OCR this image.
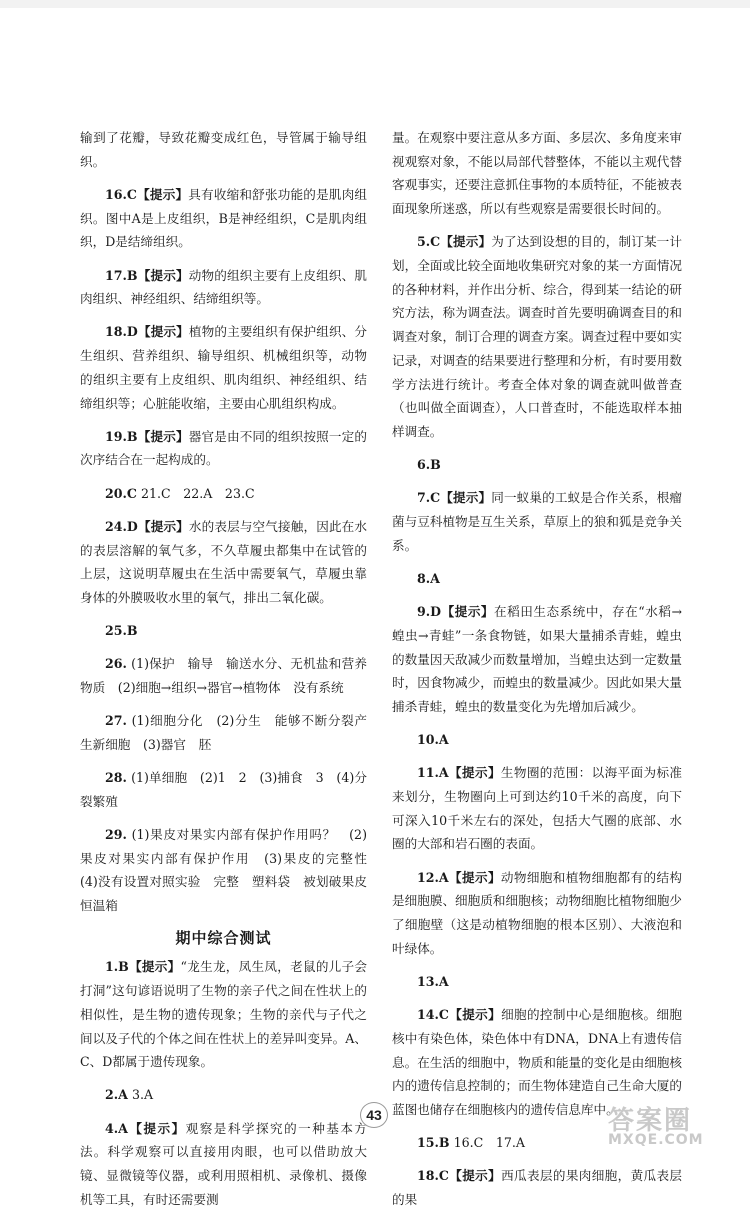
输到了花瓣，导致花瓣变成红色，导管属于输导组织。
16.C【提示】具有收缩和舒张功能的是肌肉组织。图中A是上皮组织，B是神经组织，C是肌肉组织，D是结缔组织。
17.B【提示】动物的组织主要有上皮组织、肌肉组织、神经组织、结缔组织等。
18.D【提示】植物的主要组织有保护组织、分生组织、营养组织、输导组织、机械组织等，动物的组织主要有上皮组织、肌肉组织、神经组织、结缔组织等；心脏能收缩，主要由心肌组织构成。
19.B【提示】器官是由不同的组织按照一定的次序结合在一起构成的。
20.C 21.C　22.A　23.C
24.D【提示】水的表层与空气接触，因此在水的表层溶解的氧气多，不久草履虫都集中在试管的上层，这说明草履虫在生活中需要氧气，草履虫靠身体的外膜吸收水里的氧气，排出二氧化碳。
25.B
26. (1)保护　输导　输送水分、无机盐和营养物质　(2)细胞→组织→器官→植物体　没有系统
27. (1)细胞分化　(2)分生　能够不断分裂产生新细胞　(3)器官　胚
28. (1)单细胞　(2)1　2　(3)捕食　3　(4)分裂繁殖
29. (1)果皮对果实内部有保护作用吗？　(2)果皮对果实内部有保护作用　(3)果皮的完整性　(4)没有设置对照实验　完整　塑料袋　被划破果皮　恒温箱
期中综合测试
1.B【提示】“龙生龙，凤生凤，老鼠的儿子会打洞”这句谚语说明了生物的亲子代之间在性状上的相似性，是生物的遗传现象；生物的亲代与子代之间以及子代的个体之间在性状上的差异叫变异。A、C、D都属于遗传现象。
2.A 3.A
4.A【提示】观察是科学探究的一种基本方法。科学观察可以直接用肉眼，也可以借助放大镜、显微镜等仪器，或利用照相机、录像机、摄像机等工具，有时还需要测
量。在观察中要注意从多方面、多层次、多角度来审视观察对象，不能以局部代替整体，不能以主观代替客观事实，还要注意抓住事物的本质特征，不能被表面现象所迷惑，所以有些观察是需要很长时间的。
5.C【提示】为了达到设想的目的，制订某一计划，全面或比较全面地收集研究对象的某一方面情况的各种材料，并作出分析、综合，得到某一结论的研究方法，称为调查法。调查时首先要明确调查目的和调查对象，制订合理的调查方案。调查过程中要如实记录，对调查的结果要进行整理和分析，有时要用数学方法进行统计。考查全体对象的调查就叫做普查（也叫做全面调查），人口普查时，不能选取样本抽样调查。
6.B
7.C【提示】同一蚁巢的工蚁是合作关系，根瘤菌与豆科植物是互生关系，草原上的狼和狐是竞争关系。
8.A
9.D【提示】在稻田生态系统中，存在“水稻→蝗虫→青蛙”一条食物链，如果大量捕杀青蛙，蝗虫的数量因天敌减少而数量增加，当蝗虫达到一定数量时，因食物减少，而蝗虫的数量减少。因此如果大量捕杀青蛙，蝗虫的数量变化为先增加后减少。
10.A
11.A【提示】生物圈的范围：以海平面为标准来划分，生物圈向上可到达约10千米的高度，向下可深入10千米左右的深处，包括大气圈的底部、水圈的大部和岩石圈的表面。
12.A【提示】动物细胞和植物细胞都有的结构是细胞膜、细胞质和细胞核；动物细胞比植物细胞少了细胞壁（这是动植物细胞的根本区别）、大液泡和叶绿体。
13.A
14.C【提示】细胞的控制中心是细胞核。细胞核中有染色体，染色体中有DNA，DNA上有遗传信息。在生活的细胞中，物质和能量的变化是由细胞核内的遗传信息控制的；而生物体建造自己生命大厦的蓝图也储存在细胞核内的遗传信息库中。
15.B 16.C　17.A
18.C【提示】西瓜表层的果肉细胞，黄瓜表层的果
43	答案圈
MXQE.COM
